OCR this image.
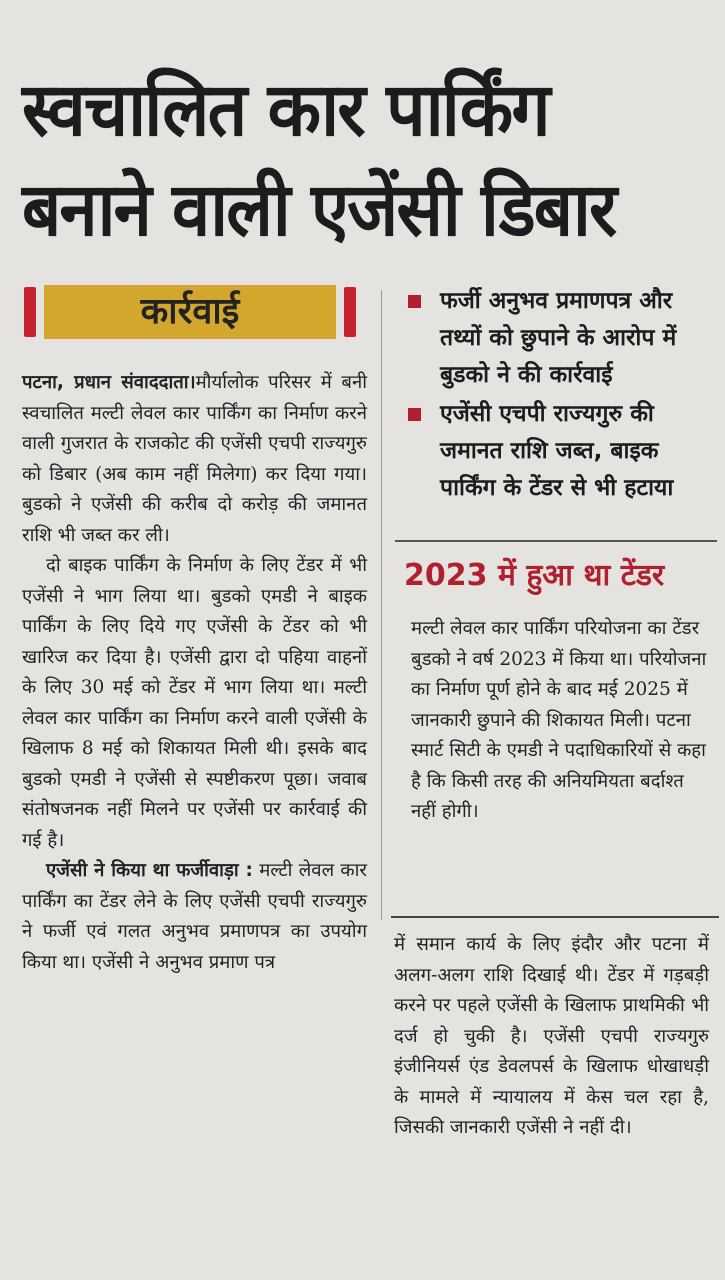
स्वचालित कार पार्किंग
बनाने वाली एजेंसी डिबार
कार्रवाई

पटना, प्रधान संवाददाता।मौर्यालोक परिसर में बनी स्वचालित मल्टी लेवल कार पार्किंग का निर्माण करने वाली गुजरात के राजकोट की एजेंसी एचपी राज्यगुरु को डिबार (अब काम नहीं मिलेगा) कर दिया गया। बुडको ने एजेंसी की करीब दो करोड़ की जमानत राशि भी जब्त कर ली।

दो बाइक पार्किंग के निर्माण के लिए टेंडर में भी एजेंसी ने भाग लिया था। बुडको एमडी ने बाइक पार्किंग के लिए दिये गए एजेंसी के टेंडर को भी खारिज कर दिया है। एजेंसी द्वारा दो पहिया वाहनों के लिए 30 मई को टेंडर में भाग लिया था। मल्टी लेवल कार पार्किंग का निर्माण करने वाली एजेंसी के खिलाफ 8 मई को शिकायत मिली थी। इसके बाद बुडको एमडी ने एजेंसी से स्पष्टीकरण पूछा। जवाब संतोषजनक नहीं मिलने पर एजेंसी पर कार्रवाई की गई है।

एजेंसी ने किया था फर्जीवाड़ा : मल्टी लेवल कार पार्किंग का टेंडर लेने के लिए एजेंसी एचपी राज्यगुरु ने फर्जी एवं गलत अनुभव प्रमाणपत्र का उपयोग किया था। एजेंसी ने अनुभव प्रमाण पत्र

फर्जी अनुभव प्रमाणपत्र और तथ्यों को छुपाने के आरोप में बुडको ने की कार्रवाई
एजेंसी एचपी राज्यगुरु की जमानत राशि जब्त, बाइक पार्किंग के टेंडर से भी हटाया
2023 में हुआ था टेंडर

मल्टी लेवल कार पार्किंग परियोजना का टेंडर बुडको ने वर्ष 2023 में किया था। परियोजना का निर्माण पूर्ण होने के बाद मई 2025 में जानकारी छुपाने की शिकायत मिली। पटना स्मार्ट सिटी के एमडी ने पदाधिकारियों से कहा है कि किसी तरह की अनियमियता बर्दाश्त नहीं होगी।

में समान कार्य के लिए इंदौर और पटना में अलग-अलग राशि दिखाई थी। टेंडर में गड़बड़ी करने पर पहले एजेंसी के खिलाफ प्राथमिकी भी दर्ज हो चुकी है। एजेंसी एचपी राज्यगुरु इंजीनियर्स एंड डेवलपर्स के खिलाफ धोखाधड़ी के मामले में न्यायालय में केस चल रहा है, जिसकी जानकारी एजेंसी ने नहीं दी।
